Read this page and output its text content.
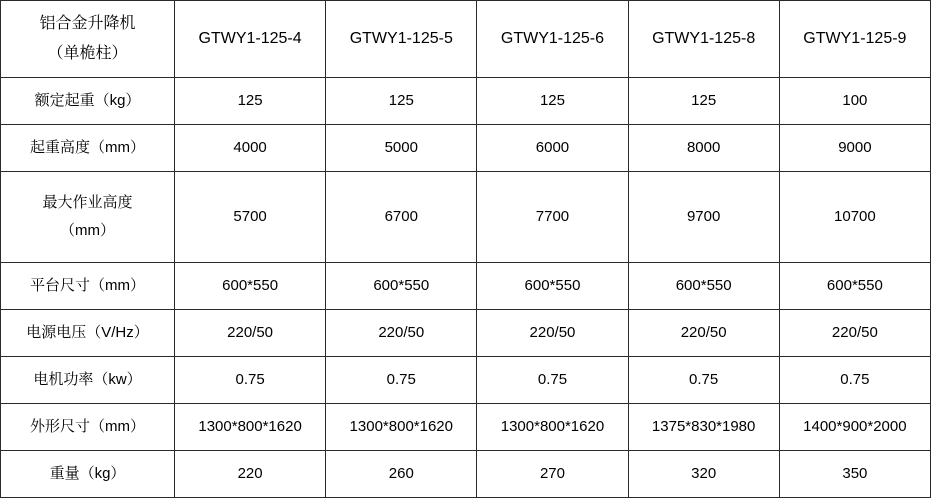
铝合金升降机
（单桅柱）	GTWY1-125-4	GTWY1-125-5	GTWY1-125-6	GTWY1-125-8	GTWY1-125-9
额定起重（kg）	125	125	125	125	100
起重高度（mm）	4000	5000	6000	8000	9000

最大作业高度
（mm）	5700	6700	7700	9700	10700
平台尺寸（mm）	600*550	600*550	600*550	600*550	600*550
电源电压（V/Hz）	220/50	220/50	220/50	220/50	220/50
电机功率（kw）	0.75	0.75	0.75	0.75	0.75
外形尺寸（mm）	1300*800*1620	1300*800*1620	1300*800*1620	1375*830*1980	1400*900*2000
重量（kg）	220	260	270	320	350
